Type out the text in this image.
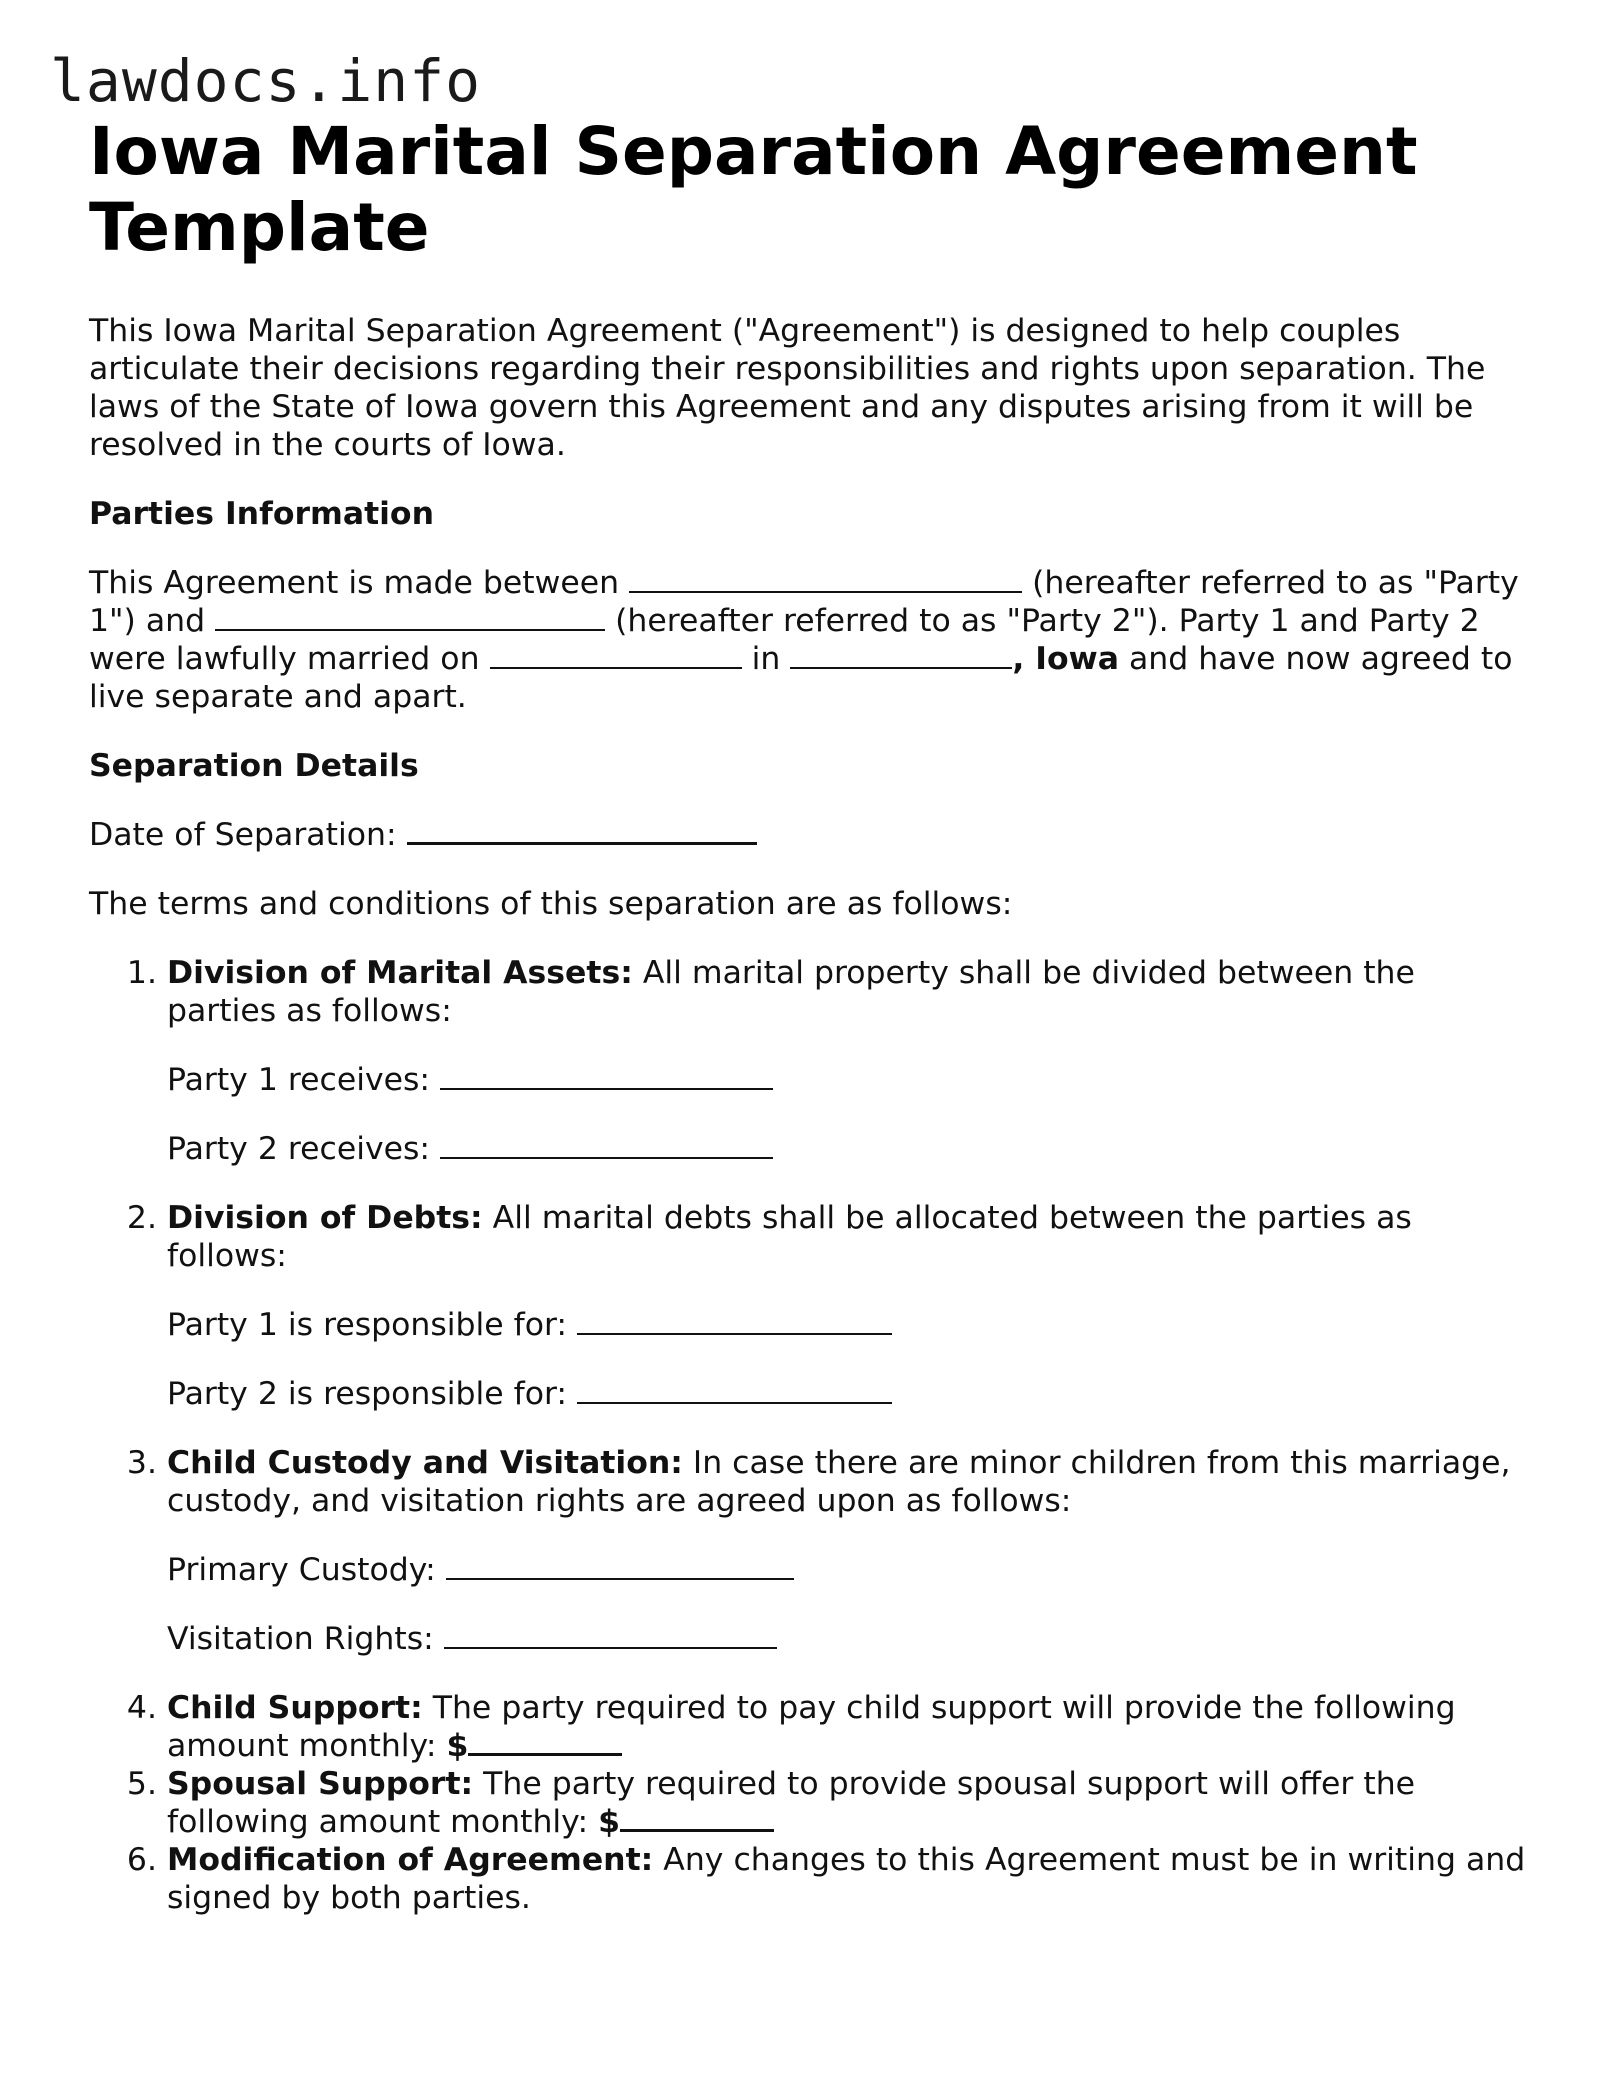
lawdocs.info
Iowa Marital Separation Agreement Template

This Iowa Marital Separation Agreement ("Agreement") is designed to help couples articulate their decisions regarding their responsibilities and rights upon separation. The laws of the State of Iowa govern this Agreement and any disputes arising from it will be resolved in the courts of Iowa.

Parties Information

This Agreement is made between	(hereafter referred to as "Party 1") and	(hereafter referred to as "Party 2"). Party 1 and Party 2 were lawfully married on	in	, Iowa and have now agreed to live separate and apart.

Separation Details

Date of Separation:

The terms and conditions of this separation are as follows:

1. Division of Marital Assets: All marital property shall be divided between the parties as follows:
Party 1 receives:
Party 2 receives:
2. Division of Debts: All marital debts shall be allocated between the parties as follows:
Party 1 is responsible for:
Party 2 is responsible for:
3. Child Custody and Visitation: In case there are minor children from this marriage, custody, and visitation rights are agreed upon as follows:
Primary Custody:
Visitation Rights:
4. Child Support: The party required to pay child support will provide the following amount monthly: $
5. Spousal Support: The party required to provide spousal support will offer the following amount monthly: $
6. Modification of Agreement: Any changes to this Agreement must be in writing and signed by both parties.
